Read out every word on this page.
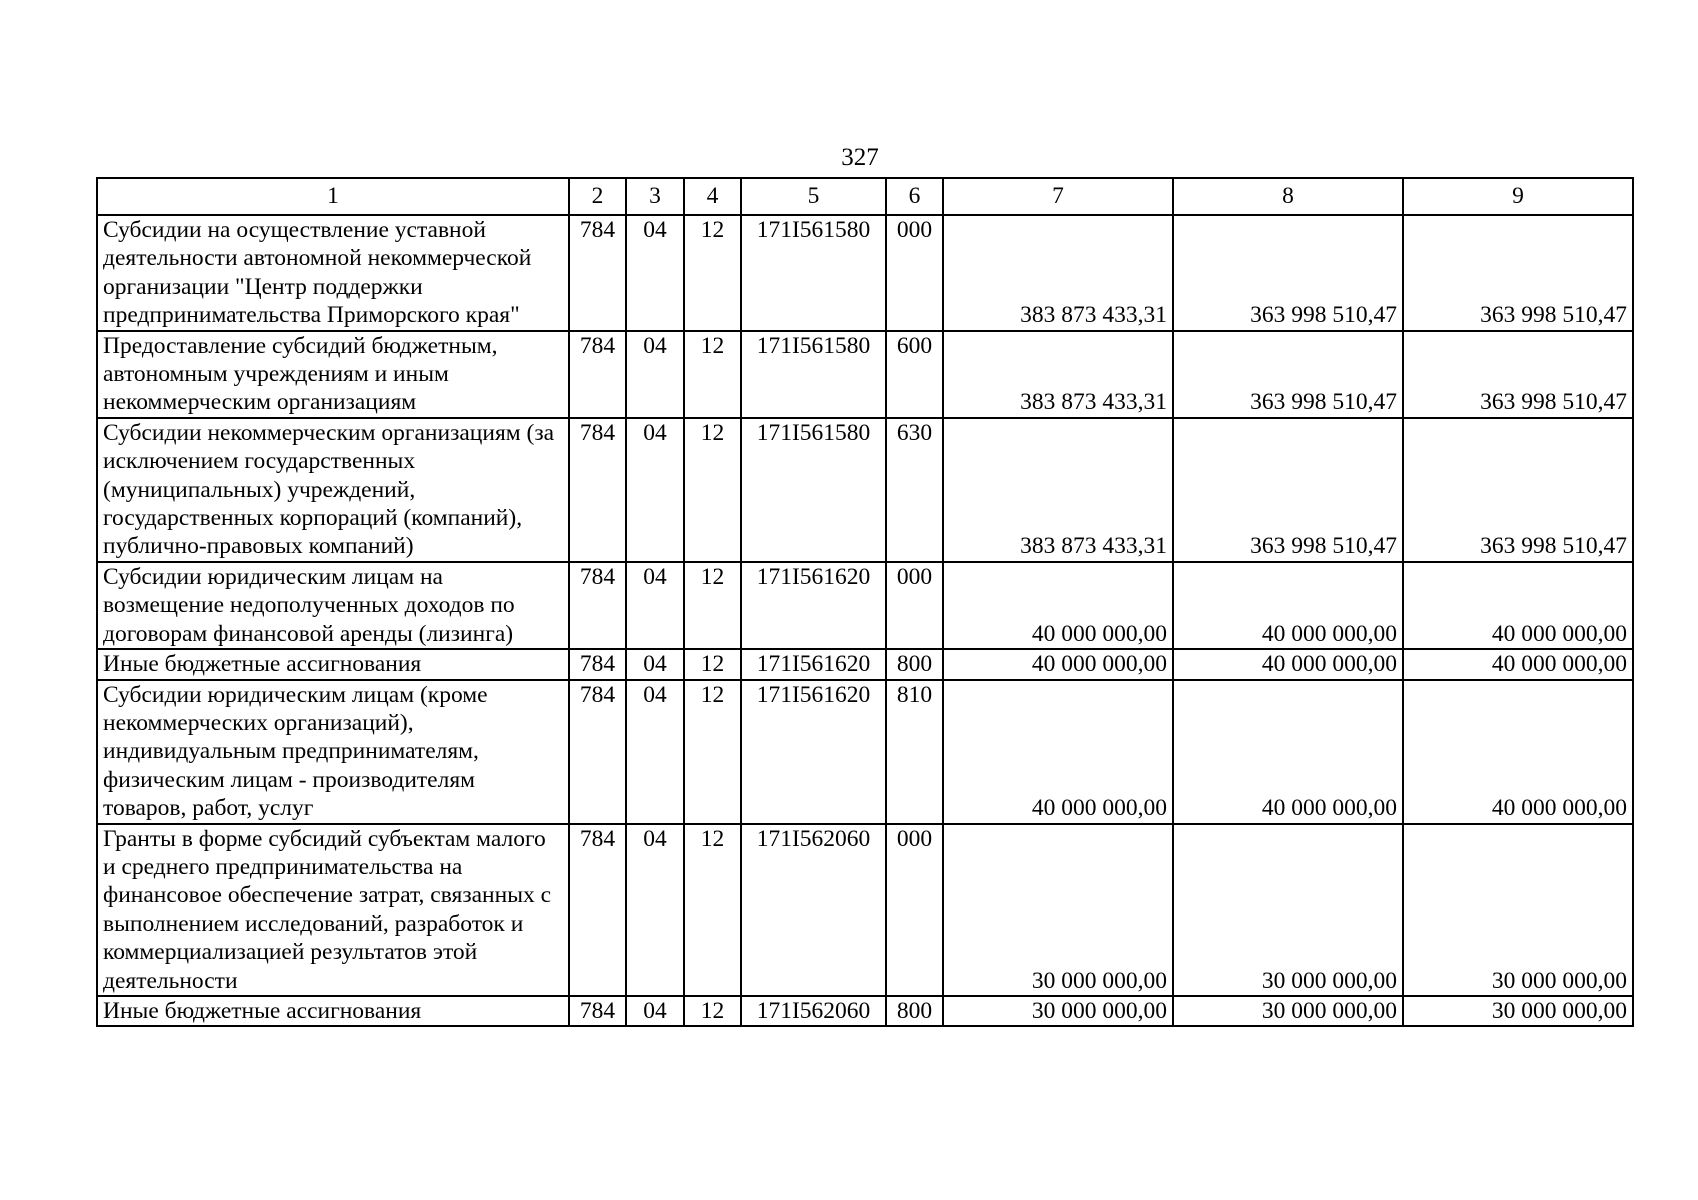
327
1	2	3	4	5	6	7	8	9
Субсидии на осуществление уставной деятельности автономной некоммерческой организации "Центр поддержки предпринимательства Приморского края"	784	04	12	171I561580	000	383 873 433,31	363 998 510,47	363 998 510,47
Предоставление субсидий бюджетным, автономным учреждениям и иным некоммерческим организациям	784	04	12	171I561580	600	383 873 433,31	363 998 510,47	363 998 510,47
Субсидии некоммерческим организациям (за исключением государственных (муниципальных) учреждений, государственных корпораций (компаний), публично-правовых компаний)	784	04	12	171I561580	630	383 873 433,31	363 998 510,47	363 998 510,47
Субсидии юридическим лицам на возмещение недополученных доходов по договорам финансовой аренды (лизинга)	784	04	12	171I561620	000	40 000 000,00	40 000 000,00	40 000 000,00
Иные бюджетные ассигнования	784	04	12	171I561620	800	40 000 000,00	40 000 000,00	40 000 000,00
Субсидии юридическим лицам (кроме некоммерческих организаций), индивидуальным предпринимателям, физическим лицам - производителям товаров, работ, услуг	784	04	12	171I561620	810	40 000 000,00	40 000 000,00	40 000 000,00
Гранты в форме субсидий субъектам малого и среднего предпринимательства на финансовое обеспечение затрат, связанных с выполнением исследований, разработок и коммерциализацией результатов этой деятельности	784	04	12	171I562060	000	30 000 000,00	30 000 000,00	30 000 000,00
Иные бюджетные ассигнования	784	04	12	171I562060	800	30 000 000,00	30 000 000,00	30 000 000,00
